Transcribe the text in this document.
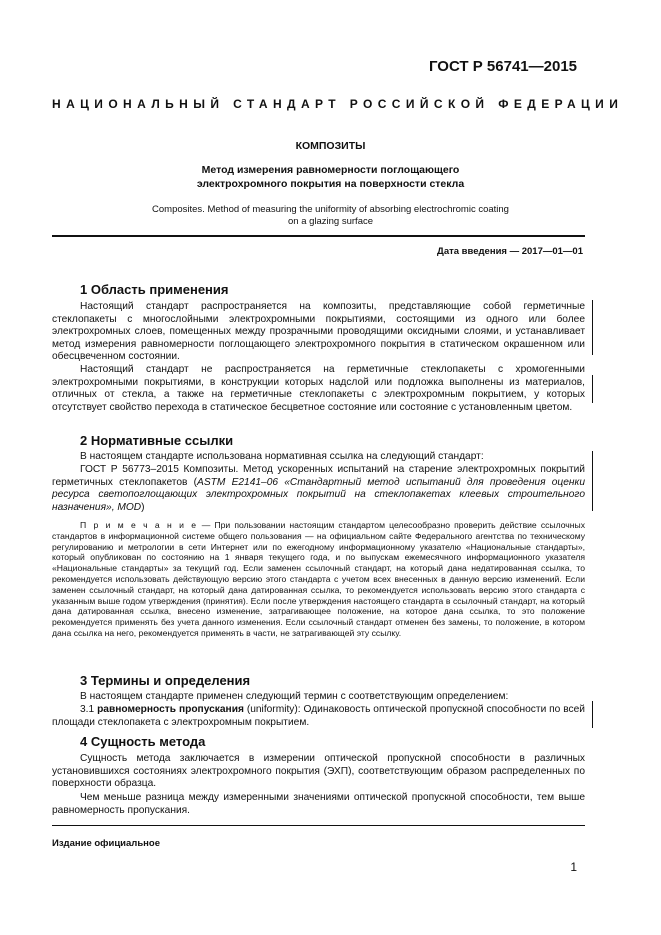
ГОСТ Р 56741—2015
НАЦИОНАЛЬНЫЙ СТАНДАРТ РОССИЙСКОЙ ФЕДЕРАЦИИ
КОМПОЗИТЫ
Метод измерения равномерности поглощающего
электрохромного покрытия на поверхности стекла
Composites. Method of measuring the uniformity of absorbing electrochromic coating
on a glazing surface
Дата введения — 2017—01—01
1 Область применения

Настоящий стандарт распространяется на композиты, представляющие собой герметичные стеклопакеты с многослойными электрохромными покрытиями, состоящими из одного или более электрохромных слоев, помещенных между прозрачными проводящими оксидными слоями, и устанавливает метод измерения равномерности поглощающего электрохромного покрытия в статическом окрашенном или обесцвеченном состоянии.

Настоящий стандарт не распространяется на герметичные стеклопакеты с хромогенными электрохромными покрытиями, в конструкции которых надслой или подложка выполнены из материалов, отличных от стекла, а также на герметичные стеклопакеты с электрохромным покрытием, у которых отсутствует свойство перехода в статическое бесцветное состояние или состояние с установленным цветом.

2 Нормативные ссылки

В настоящем стандарте использована нормативная ссылка на следующий стандарт:

ГОСТ Р 56773–2015 Композиты. Метод ускоренных испытаний на старение электрохромных покрытий герметичных стеклопакетов (ASTM E2141–06 «Стандартный метод испытаний для проведения оценки ресурса светопоглощающих электрохромных покрытий на стеклопакетах клеевых строительного назначения», MOD)

П р и м е ч а н и е — При пользовании настоящим стандартом целесообразно проверить действие ссылочных стандартов в информационной системе общего пользования — на официальном сайте Федерального агентства по техническому регулированию и метрологии в сети Интернет или по ежегодному информационному указателю «Национальные стандарты», который опубликован по состоянию на 1 января текущего года, и по выпускам ежемесячного информационного указателя «Национальные стандарты» за текущий год. Если заменен ссылочный стандарт, на который дана недатированная ссылка, то рекомендуется использовать действующую версию этого стандарта с учетом всех внесенных в данную версию изменений. Если заменен ссылочный стандарт, на который дана датированная ссылка, то рекомендуется использовать версию этого стандарта с указанным выше годом утверждения (принятия). Если после утверждения настоящего стандарта в ссылочный стандарт, на который дана датированная ссылка, внесено изменение, затрагивающее положение, на которое дана ссылка, то это положение рекомендуется применять без учета данного изменения. Если ссылочный стандарт отменен без замены, то положение, в котором дана ссылка на него, рекомендуется применять в части, не затрагивающей эту ссылку.

3 Термины и определения

В настоящем стандарте применен следующий термин с соответствующим определением:

3.1 равномерность пропускания (uniformity): Одинаковость оптической пропускной способности по всей площади стеклопакета с электрохромным покрытием.

4 Сущность метода

Сущность метода заключается в измерении оптической пропускной способности в различных установившихся состояниях электрохромного покрытия (ЭХП), соответствующим образом распределенных по поверхности образца.

Чем меньше разница между измеренными значениями оптической пропускной способности, тем выше равномерность пропускания.

Издание официальное
1
